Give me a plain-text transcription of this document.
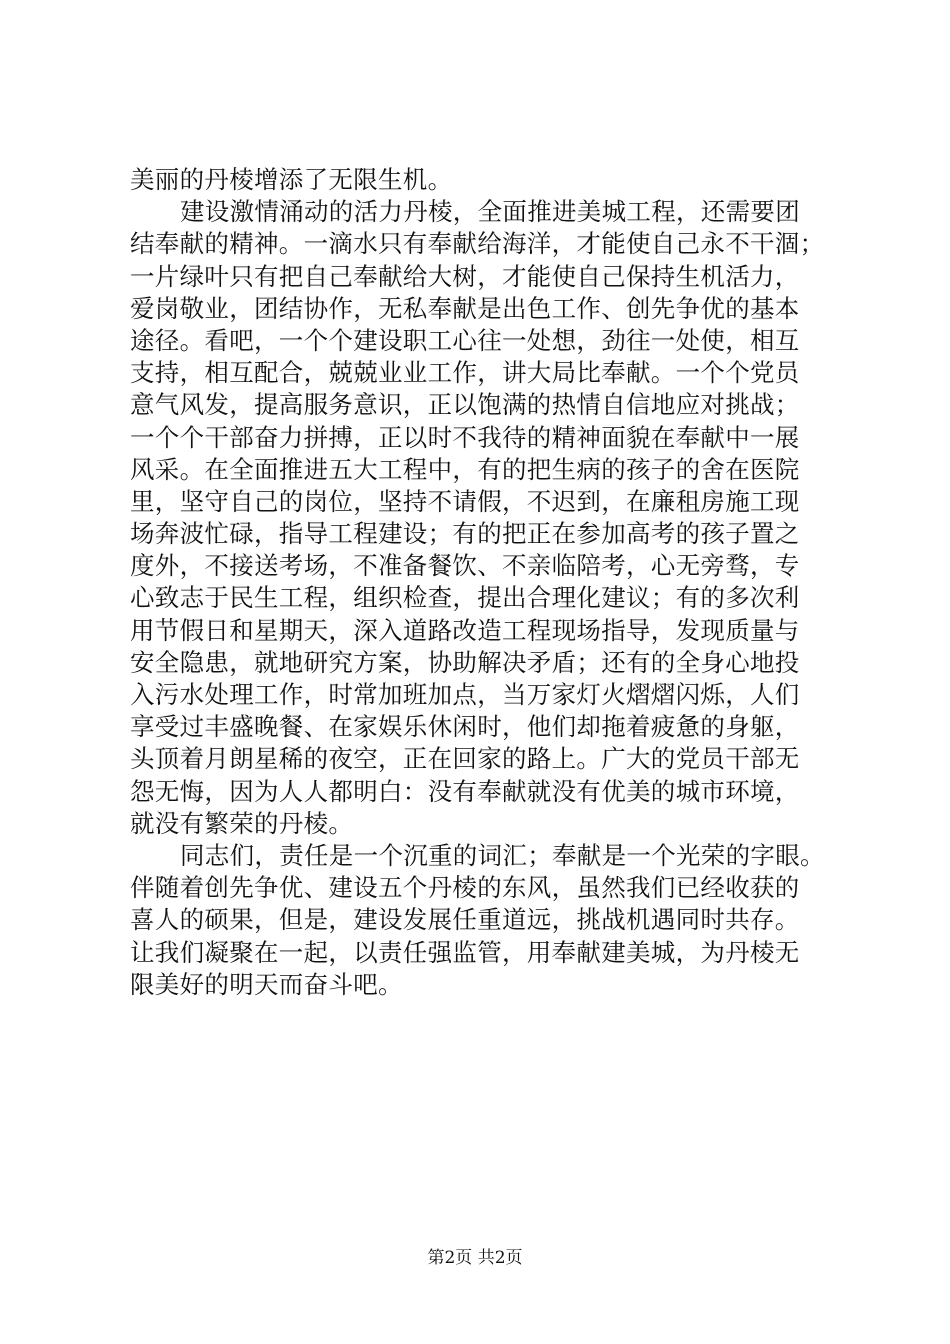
美丽的丹棱增添了无限生机。
建设激情涌动的活力丹棱，全面推进美城工程，还需要团
结奉献的精神。一滴水只有奉献给海洋，才能使自己永不干涸；
一片绿叶只有把自己奉献给大树，才能使自己保持生机活力，
爱岗敬业，团结协作，无私奉献是出色工作、创先争优的基本
途径。看吧，一个个建设职工心往一处想，劲往一处使，相互
支持，相互配合，兢兢业业工作，讲大局比奉献。一个个党员
意气风发，提高服务意识，正以饱满的热情自信地应对挑战；
一个个干部奋力拼搏，正以时不我待的精神面貌在奉献中一展
风采。在全面推进五大工程中，有的把生病的孩子的舍在医院
里，坚守自己的岗位，坚持不请假，不迟到，在廉租房施工现
场奔波忙碌，指导工程建设；有的把正在参加高考的孩子置之
度外，不接送考场，不准备餐饮、不亲临陪考，心无旁骛，专
心致志于民生工程，组织检查，提出合理化建议；有的多次利
用节假日和星期天，深入道路改造工程现场指导，发现质量与
安全隐患，就地研究方案，协助解决矛盾；还有的全身心地投
入污水处理工作，时常加班加点，当万家灯火熠熠闪烁，人们
享受过丰盛晚餐、在家娱乐休闲时，他们却拖着疲惫的身躯，
头顶着月朗星稀的夜空，正在回家的路上。广大的党员干部无
怨无悔，因为人人都明白：没有奉献就没有优美的城市环境，
就没有繁荣的丹棱。
同志们，责任是一个沉重的词汇；奉献是一个光荣的字眼。
伴随着创先争优、建设五个丹棱的东风，虽然我们已经收获的
喜人的硕果，但是，建设发展任重道远，挑战机遇同时共存。
让我们凝聚在一起，以责任强监管，用奉献建美城，为丹棱无
限美好的明天而奋斗吧。
第2页 共2页
